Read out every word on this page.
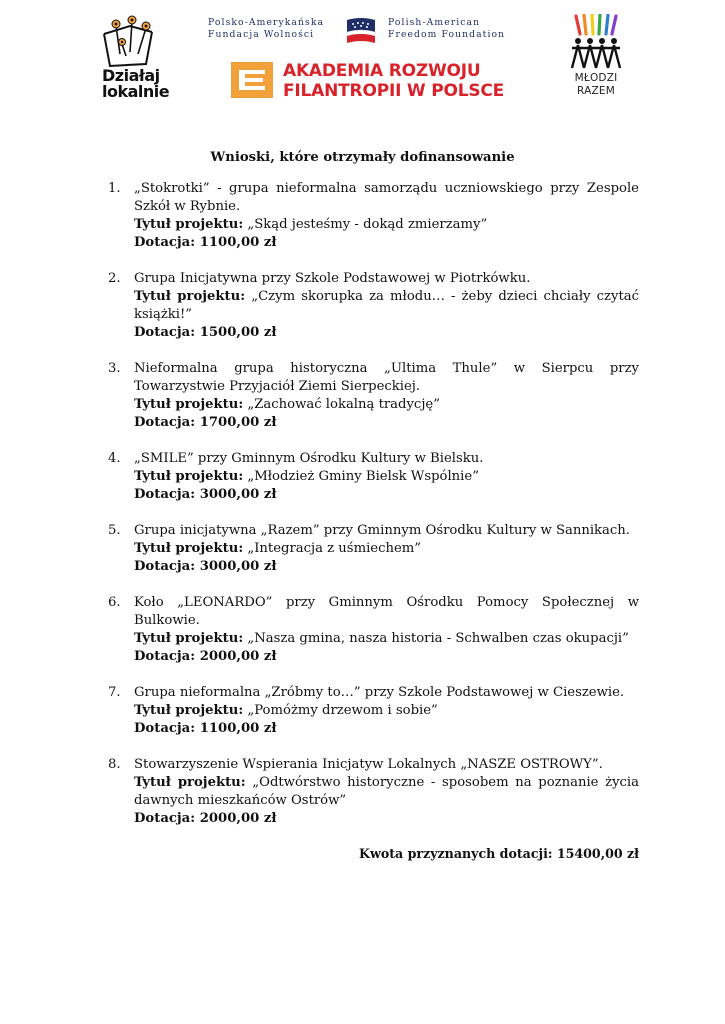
Działaj
lokalnie
Polsko-Amerykańska
Fundacja Wolności
Polish-American
Freedom Foundation
AKADEMIA ROZWOJU
FILANTROPII W POLSCE
MŁODZI
RAZEM
Wnioski, które otrzymały dofinansowanie
1. „Stokrotki” - grupa nieformalna samorządu uczniowskiego przy Zespole Szkół w Rybnie.
Tytuł projektu: „Skąd jesteśmy - dokąd zmierzamy”
Dotacja: 1100,00 zł
2. Grupa Inicjatywna przy Szkole Podstawowej w Piotrkówku.
Tytuł projektu: „Czym skorupka za młodu… - żeby dzieci chciały czytać książki!”
Dotacja: 1500,00 zł
3. Nieformalna grupa historyczna „Ultima Thule” w Sierpcu przy Towarzystwie Przyjaciół Ziemi Sierpeckiej.
Tytuł projektu: „Zachować lokalną tradycję”
Dotacja: 1700,00 zł
4. „SMILE” przy Gminnym Ośrodku Kultury w Bielsku.
Tytuł projektu: „Młodzież Gminy Bielsk Wspólnie”
Dotacja: 3000,00 zł
5. Grupa inicjatywna „Razem” przy Gminnym Ośrodku Kultury w Sannikach.
Tytuł projektu: „Integracja z uśmiechem”
Dotacja: 3000,00 zł
6. Koło „LEONARDO” przy Gminnym Ośrodku Pomocy Społecznej w Bulkowie.
Tytuł projektu: „Nasza gmina, nasza historia - Schwalben czas okupacji”
Dotacja: 2000,00 zł
7. Grupa nieformalna „Zróbmy to…” przy Szkole Podstawowej w Cieszewie.
Tytuł projektu: „Pomóżmy drzewom i sobie”
Dotacja: 1100,00 zł
8. Stowarzyszenie Wspierania Inicjatyw Lokalnych „NASZE OSTROWY”.
Tytuł projektu: „Odtwórstwo historyczne - sposobem na poznanie życia dawnych mieszkańców Ostrów”
Dotacja: 2000,00 zł
Kwota przyznanych dotacji: 15400,00 zł
